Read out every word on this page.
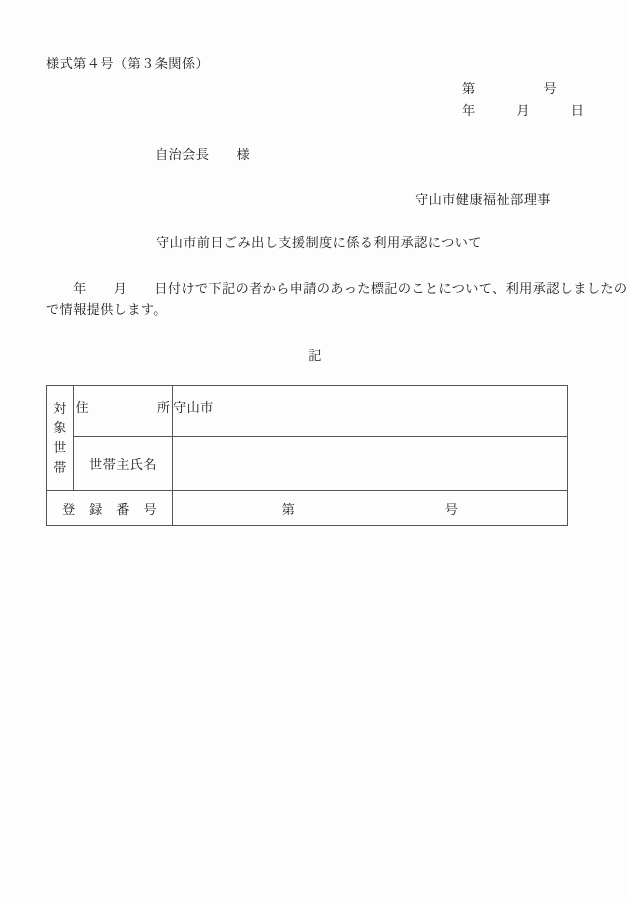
様式第４号（第３条関係）
第　　　　　号
年　　　月　　　日
自治会長　　様
守山市健康福祉部理事
守山市前日ごみ出し支援制度に係る利用承認について
　　年　　月　　日付けで下記の者から申請のあった標記のことについて、利用承認しましたの
で情報提供します。
記
対
象
世
帯	住　　　　　所	守山市
	世帯主氏名	
登　録　番　号		第　　　　　　　　　　　号
